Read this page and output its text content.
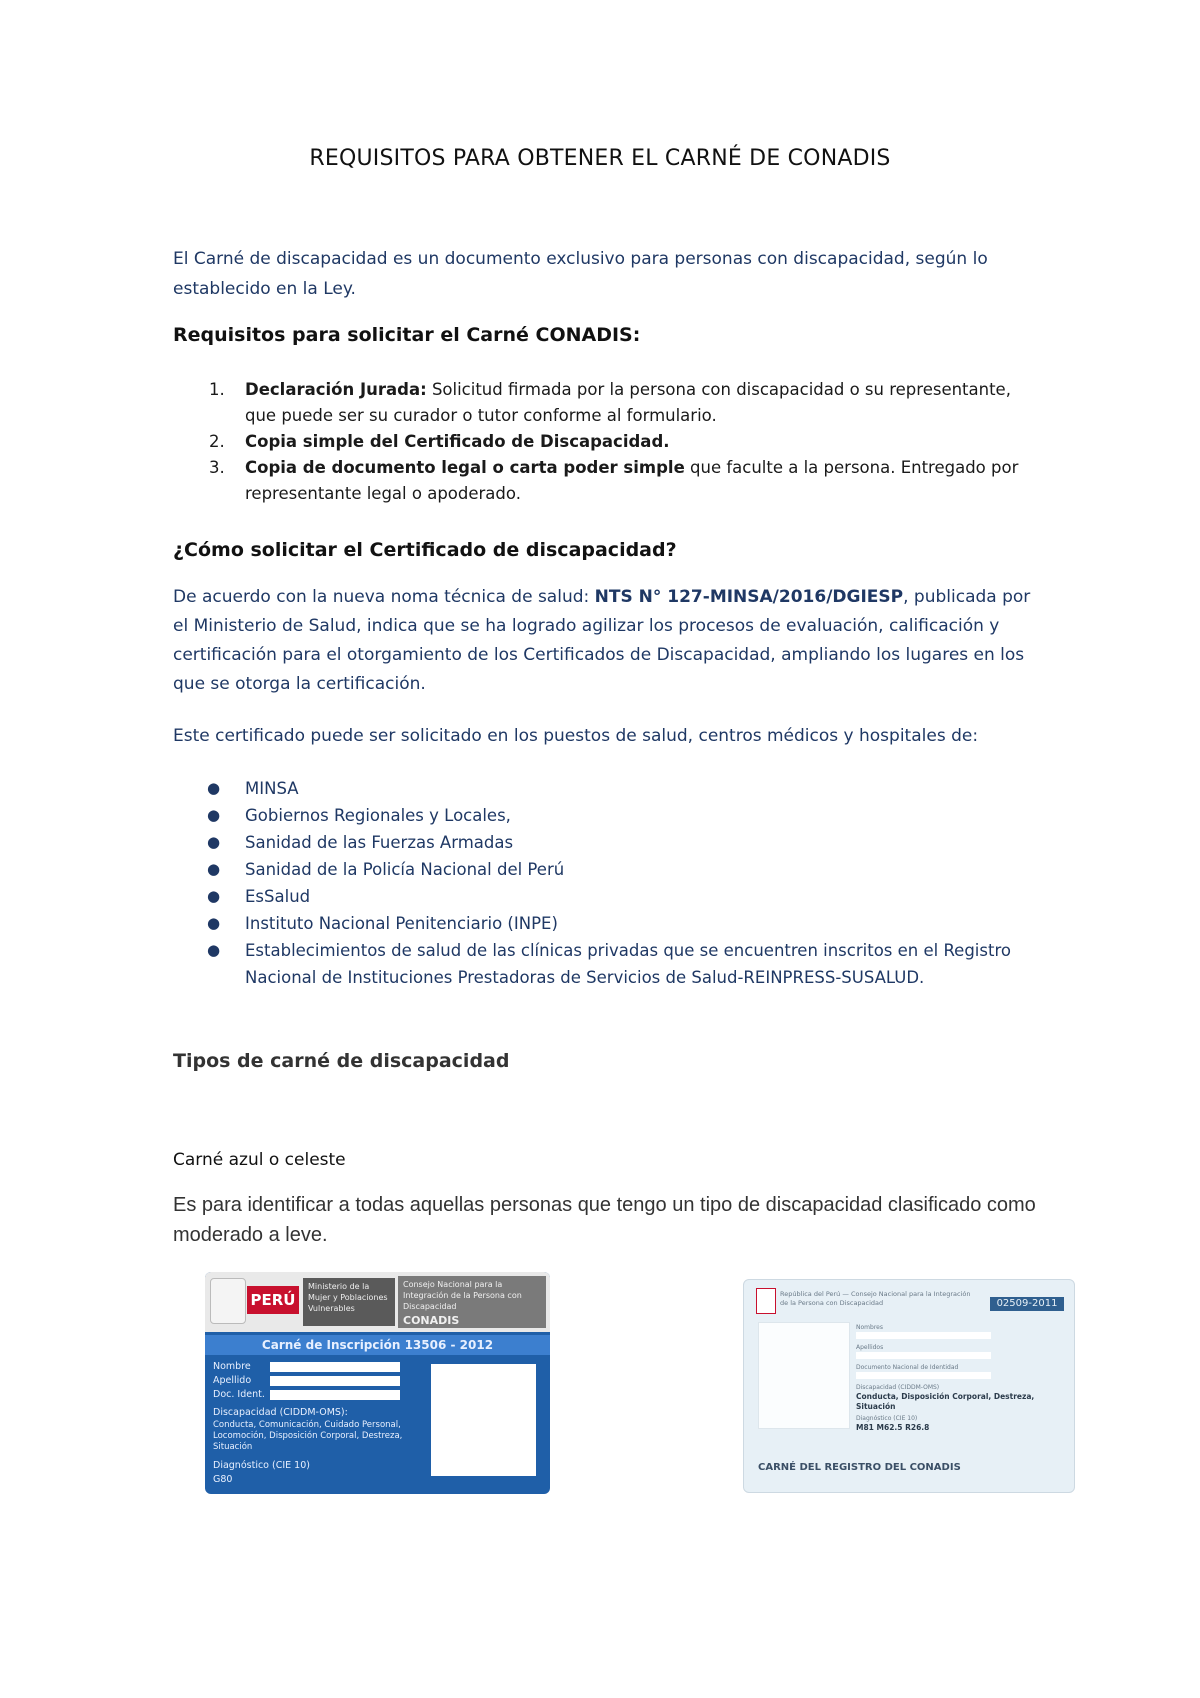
REQUISITOS PARA OBTENER EL CARNÉ DE CONADIS
El Carné de discapacidad es un documento exclusivo para personas con discapacidad, según lo establecido en la Ley.
Requisitos para solicitar el Carné CONADIS:
1. Declaración Jurada: Solicitud firmada por la persona con discapacidad o su representante, que puede ser su curador o tutor conforme al formulario.
2. Copia simple del Certificado de Discapacidad.
3. Copia de documento legal o carta poder simple que faculte a la persona. Entregado por representante legal o apoderado.
¿Cómo solicitar el Certificado de discapacidad?
De acuerdo con la nueva noma técnica de salud: NTS N° 127-MINSA/2016/DGIESP, publicada por el Ministerio de Salud, indica que se ha logrado agilizar los procesos de evaluación, calificación y certificación para el otorgamiento de los Certificados de Discapacidad, ampliando los lugares en los que se otorga la certificación.
Este certificado puede ser solicitado en los puestos de salud, centros médicos y hospitales de:
● MINSA
● Gobiernos Regionales y Locales,
● Sanidad de las Fuerzas Armadas
● Sanidad de la Policía Nacional del Perú
● EsSalud
● Instituto Nacional Penitenciario (INPE)
● Establecimientos de salud de las clínicas privadas que se encuentren inscritos en el Registro Nacional de Instituciones Prestadoras de Servicios de Salud-REINPRESS-SUSALUD.
Tipos de carné de discapacidad
Carné azul o celeste
Es para identificar a todas aquellas personas que tengo un tipo de discapacidad clasificado como moderado a leve.
PERÚ
Ministerio de la Mujer y Poblaciones Vulnerables
Consejo Nacional para la Integración de la Persona con Discapacidad
CONADIS
Carné de Inscripción 13506 - 2012
Nombre
Apellido
Doc. Ident.
Discapacidad (CIDDM-OMS):
Conducta, Comunicación, Cuidado Personal, Locomoción, Disposición Corporal, Destreza, Situación
Diagnóstico (CIE 10)
G80
República del Perú — Consejo Nacional para la Integración de la Persona con Discapacidad	02509-2011
Nombres
Apellidos
Documento Nacional de Identidad
Discapacidad (CIDDM-OMS)
Conducta, Disposición Corporal, Destreza, Situación
Diagnóstico (CIE 10)
M81 M62.5 R26.8
CARNÉ DEL REGISTRO DEL CONADIS
